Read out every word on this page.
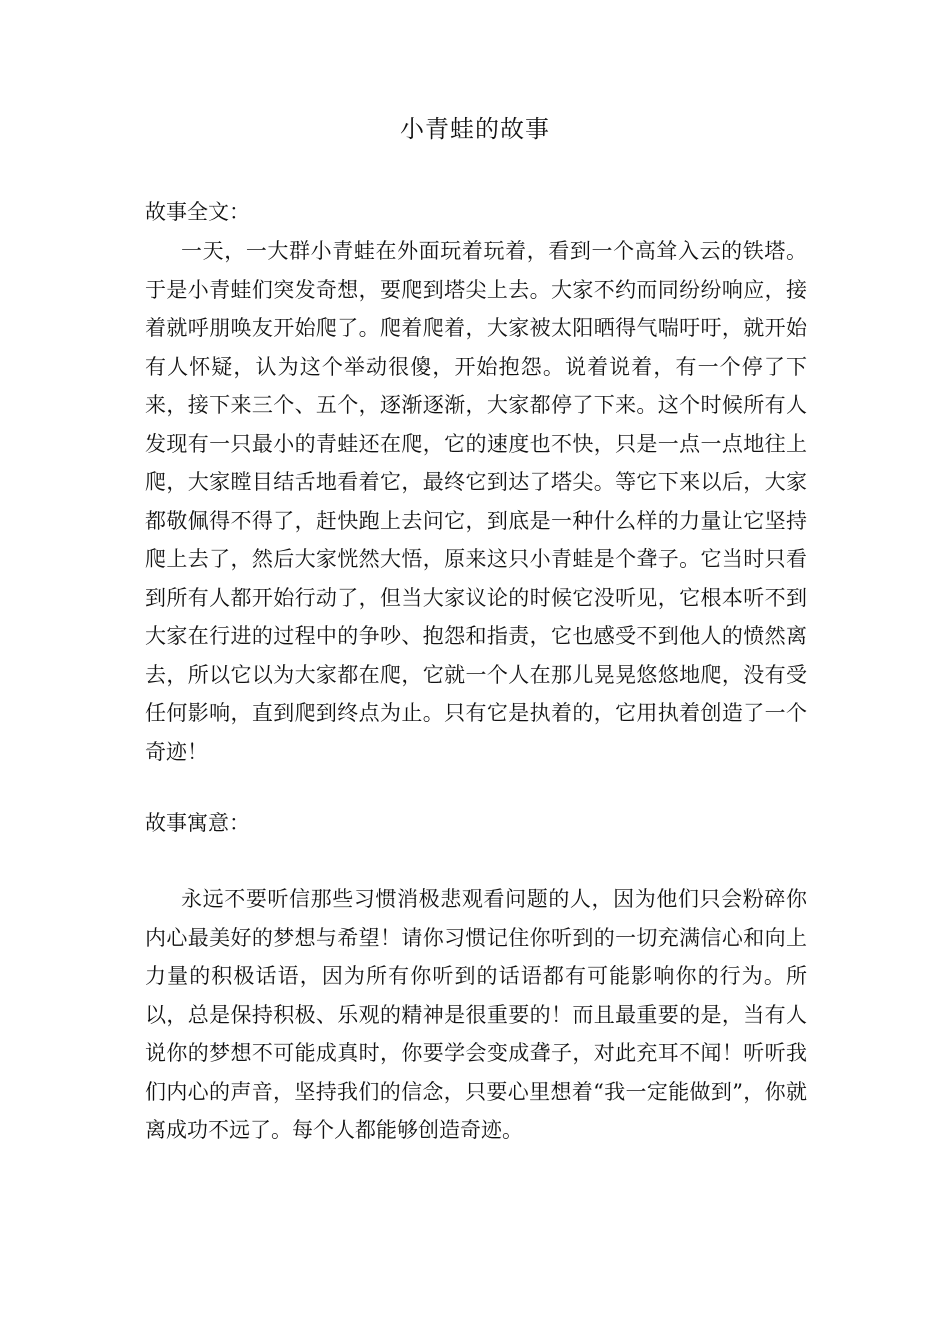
小青蛙的故事
故事全文：

一天，一大群小青蛙在外面玩着玩着，看到一个高耸入云的铁塔。于是小青蛙们突发奇想，要爬到塔尖上去。大家不约而同纷纷响应，接着就呼朋唤友开始爬了。爬着爬着，大家被太阳晒得气喘吁吁，就开始有人怀疑，认为这个举动很傻，开始抱怨。说着说着，有一个停了下来，接下来三个、五个，逐渐逐渐，大家都停了下来。这个时候所有人发现有一只最小的青蛙还在爬，它的速度也不快，只是一点一点地往上爬，大家瞠目结舌地看着它，最终它到达了塔尖。等它下来以后，大家都敬佩得不得了，赶快跑上去问它，到底是一种什么样的力量让它坚持爬上去了，然后大家恍然大悟，原来这只小青蛙是个聋子。它当时只看到所有人都开始行动了，但当大家议论的时候它没听见，它根本听不到大家在行进的过程中的争吵、抱怨和指责，它也感受不到他人的愤然离去，所以它以为大家都在爬，它就一个人在那儿晃晃悠悠地爬，没有受任何影响，直到爬到终点为止。只有它是执着的，它用执着创造了一个奇迹！

故事寓意：

永远不要听信那些习惯消极悲观看问题的人，因为他们只会粉碎你内心最美好的梦想与希望！请你习惯记住你听到的一切充满信心和向上力量的积极话语，因为所有你听到的话语都有可能影响你的行为。所以，总是保持积极、乐观的精神是很重要的！而且最重要的是，当有人说你的梦想不可能成真时，你要学会变成聋子，对此充耳不闻！听听我们内心的声音，坚持我们的信念，只要心里想着“我一定能做到”，你就离成功不远了。每个人都能够创造奇迹。
